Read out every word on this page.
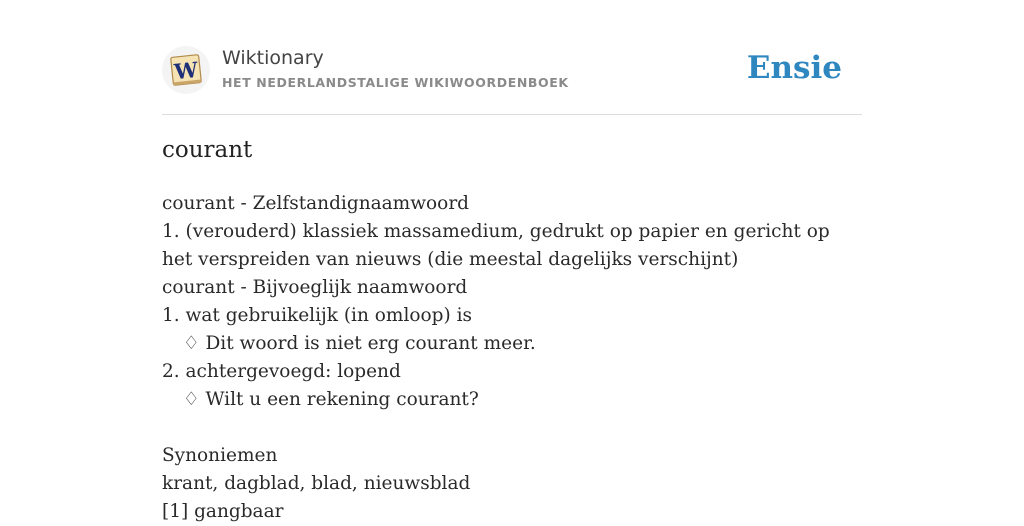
W Wiktionary
HET NEDERLANDSTALIGE WIKIWOORDENBOEK	Ensie
courant
courant - Zelfstandignaamwoord
1. (verouderd) klassiek massamedium, gedrukt op papier en gericht op het verspreiden van nieuws (die meestal dagelijks verschijnt)
courant - Bijvoeglijk naamwoord
1. wat gebruikelijk (in omloop) is
♢ Dit woord is niet erg courant meer.
2. achtergevoegd: lopend
♢ Wilt u een rekening courant?
Synoniemen
krant, dagblad, blad, nieuwsblad
[1] gangbaar
